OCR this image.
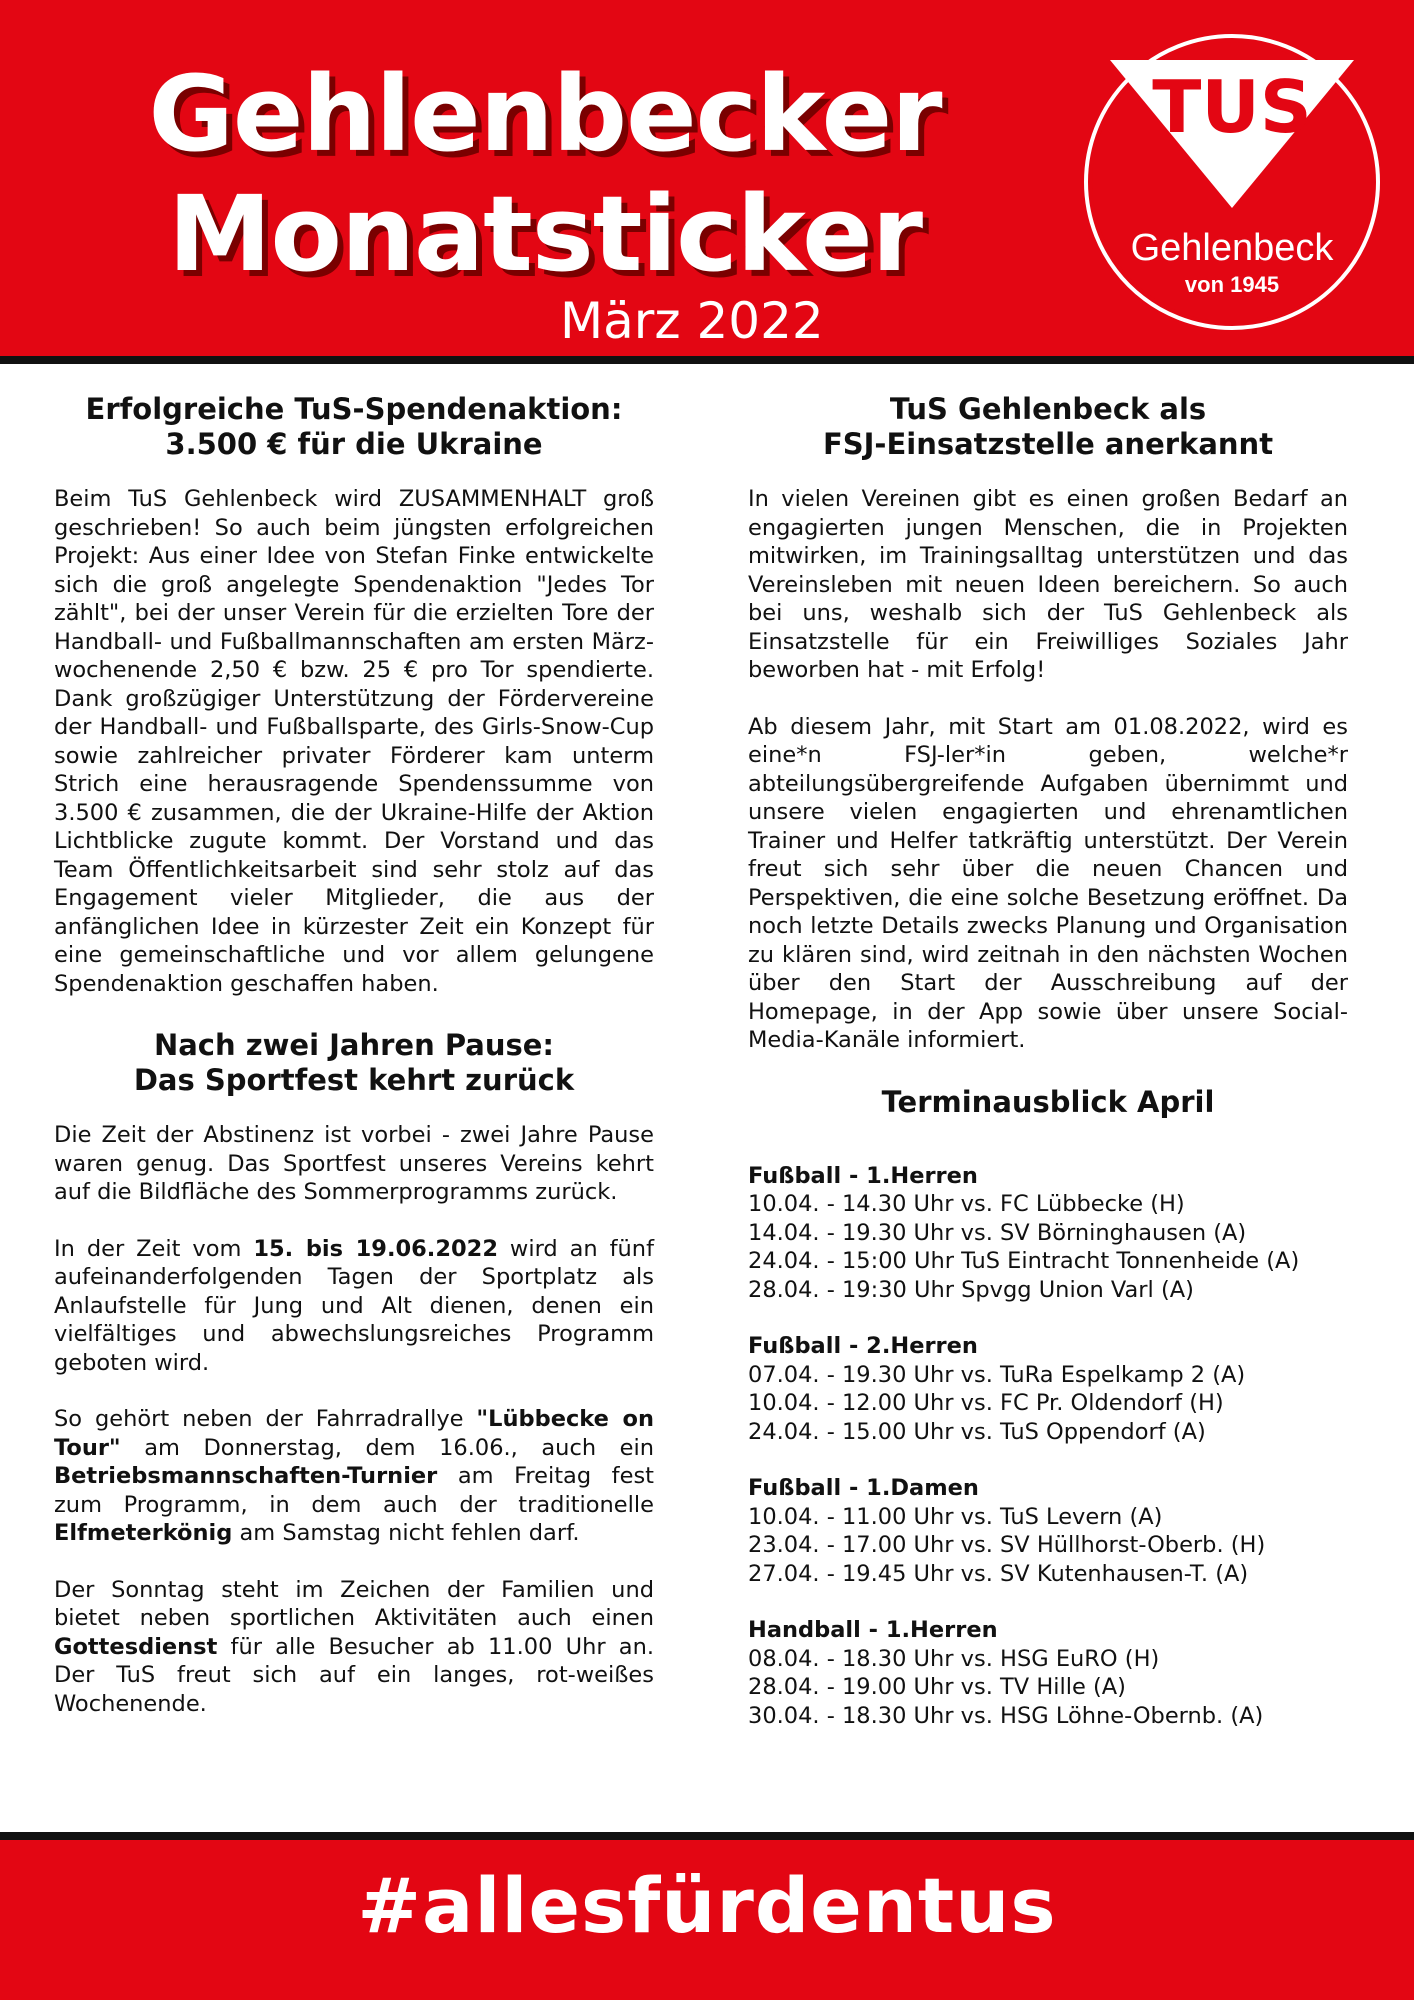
Gehlenbecker
Monatsticker
März 2022
TUS
Gehlenbeck
von 1945
Erfolgreiche TuS-Spendenaktion:
3.500 € für die Ukraine

Beim TuS Gehlenbeck wird ZUSAMMENHALT groß geschrieben! So auch beim jüngsten erfolgreichen Projekt: Aus einer Idee von Stefan Finke entwickelte sich die groß angelegte Spendenaktion "Jedes Tor zählt", bei der unser Verein für die erzielten Tore der Handball- und Fußballmannschaften am ersten März-wochenende 2,50 € bzw. 25 € pro Tor spendierte. Dank großzügiger Unterstützung der Fördervereine der Handball- und Fußballsparte, des Girls-Snow-Cup sowie zahlreicher privater Förderer kam unterm Strich eine herausragende Spendenssumme von 3.500 € zusammen, die der Ukraine-Hilfe der Aktion Lichtblicke zugute kommt. Der Vorstand und das Team Öffentlichkeitsarbeit sind sehr stolz auf das Engagement vieler Mitglieder, die aus der anfänglichen Idee in kürzester Zeit ein Konzept für eine gemeinschaftliche und vor allem gelungene Spendenaktion geschaffen haben.

Nach zwei Jahren Pause:
Das Sportfest kehrt zurück

Die Zeit der Abstinenz ist vorbei - zwei Jahre Pause waren genug. Das Sportfest unseres Vereins kehrt auf die Bildfläche des Sommerprogramms zurück.

In der Zeit vom 15. bis 19.06.2022 wird an fünf aufeinanderfolgenden Tagen der Sportplatz als Anlaufstelle für Jung und Alt dienen, denen ein vielfältiges und abwechslungsreiches Programm geboten wird.

So gehört neben der Fahrradrallye "Lübbecke on Tour" am Donnerstag, dem 16.06., auch ein Betriebsmannschaften-Turnier am Freitag fest zum Programm, in dem auch der traditionelle Elfmeterkönig am Samstag nicht fehlen darf.

Der Sonntag steht im Zeichen der Familien und bietet neben sportlichen Aktivitäten auch einen Gottesdienst für alle Besucher ab 11.00 Uhr an. Der TuS freut sich auf ein langes, rot-weißes Wochenende.

TuS Gehlenbeck als
FSJ-Einsatzstelle anerkannt

In vielen Vereinen gibt es einen großen Bedarf an engagierten jungen Menschen, die in Projekten mitwirken, im Trainingsalltag unterstützen und das Vereinsleben mit neuen Ideen bereichern. So auch bei uns, weshalb sich der TuS Gehlenbeck als Einsatzstelle für ein Freiwilliges Soziales Jahr beworben hat - mit Erfolg!

Ab diesem Jahr, mit Start am 01.08.2022, wird es eine*n FSJ-ler*in geben, welche*r abteilungsübergreifende Aufgaben übernimmt und unsere vielen engagierten und ehrenamtlichen Trainer und Helfer tatkräftig unterstützt. Der Verein freut sich sehr über die neuen Chancen und Perspektiven, die eine solche Besetzung eröffnet. Da noch letzte Details zwecks Planung und Organisation zu klären sind, wird zeitnah in den nächsten Wochen über den Start der Ausschreibung auf der Homepage, in der App sowie über unsere Social-Media-Kanäle informiert.

Terminausblick April
Fußball - 1.Herren
10.04. - 14.30 Uhr vs. FC Lübbecke (H)
14.04. - 19.30 Uhr vs. SV Börninghausen (A)
24.04. - 15:00 Uhr TuS Eintracht Tonnenheide (A)
28.04. - 19:30 Uhr Spvgg Union Varl (A)
Fußball - 2.Herren
07.04. - 19.30 Uhr vs. TuRa Espelkamp 2 (A)
10.04. - 12.00 Uhr vs. FC Pr. Oldendorf (H)
24.04. - 15.00 Uhr vs. TuS Oppendorf (A)
Fußball - 1.Damen
10.04. - 11.00 Uhr vs. TuS Levern (A)
23.04. - 17.00 Uhr vs. SV Hüllhorst-Oberb. (H)
27.04. - 19.45 Uhr vs. SV Kutenhausen-T. (A)
Handball - 1.Herren
08.04. - 18.30 Uhr vs. HSG EuRO (H)
28.04. - 19.00 Uhr vs. TV Hille (A)
30.04. - 18.30 Uhr vs. HSG Löhne-Obernb. (A)
#allesfürdentus
